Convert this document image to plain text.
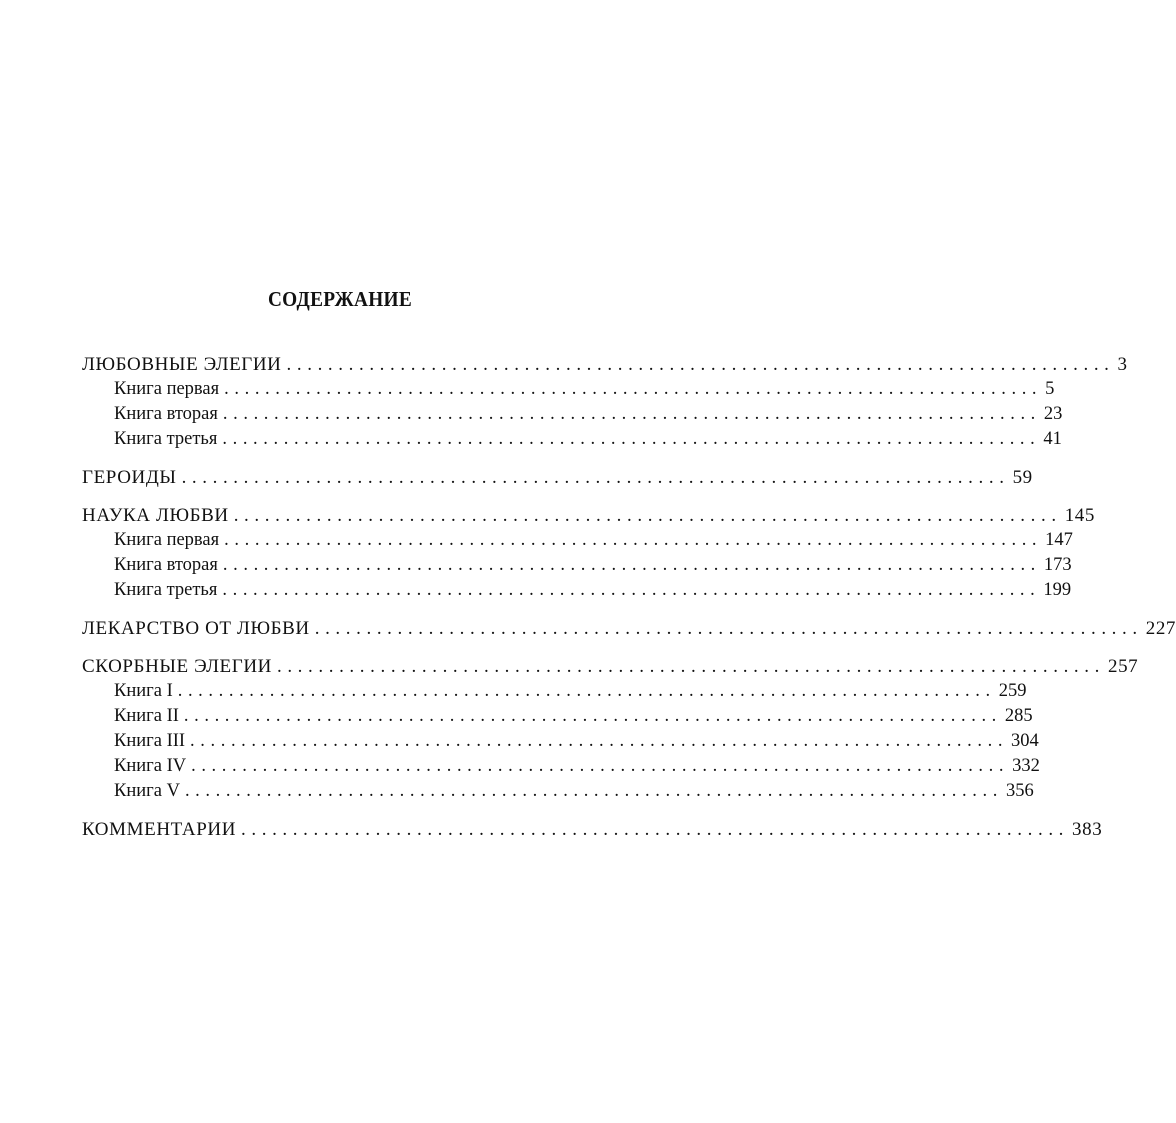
СОДЕРЖАНИЕ
ЛЮБОВНЫЕ ЭЛЕГИИ ................................................................................ 3
Книга первая ................................................................................ 5
Книга вторая ................................................................................ 23
Книга третья ................................................................................ 41
ГЕРОИДЫ ................................................................................ 59
НАУКА ЛЮБВИ ................................................................................ 145
Книга первая ................................................................................ 147
Книга вторая ................................................................................ 173
Книга третья ................................................................................ 199
ЛЕКАРСТВО ОТ ЛЮБВИ ................................................................................ 227
СКОРБНЫЕ ЭЛЕГИИ ................................................................................ 257
Книга I ................................................................................ 259
Книга II ................................................................................ 285
Книга III ................................................................................ 304
Книга IV ................................................................................ 332
Книга V ................................................................................ 356
КОММЕНТАРИИ ................................................................................ 383
